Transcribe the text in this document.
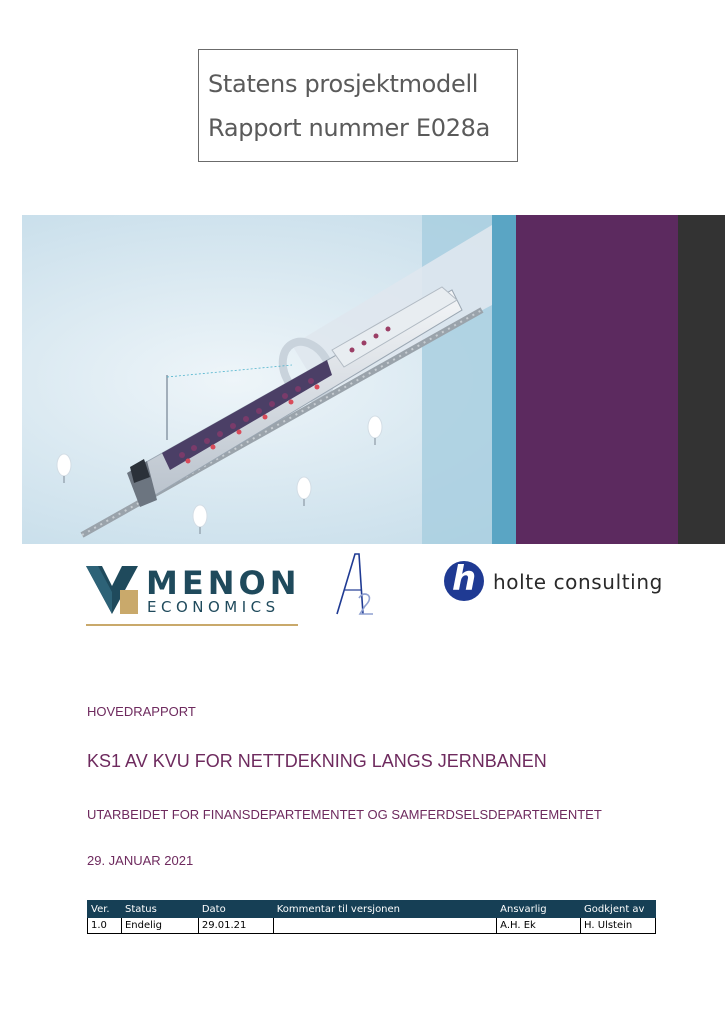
Statens prosjektmodell
Rapport nummer E028a
MENON
ECONOMICS
h holte consulting
HOVEDRAPPORT
KS1 AV KVU FOR NETTDEKNING LANGS JERNBANEN
UTARBEIDET FOR FINANSDEPARTEMENTET OG SAMFERDSELSDEPARTEMENTET
29. JANUAR 2021
Ver.	Status	Dato	Kommentar til versjonen	Ansvarlig	Godkjent av
1.0	Endelig	29.01.21		A.H. Ek	H. Ulstein
